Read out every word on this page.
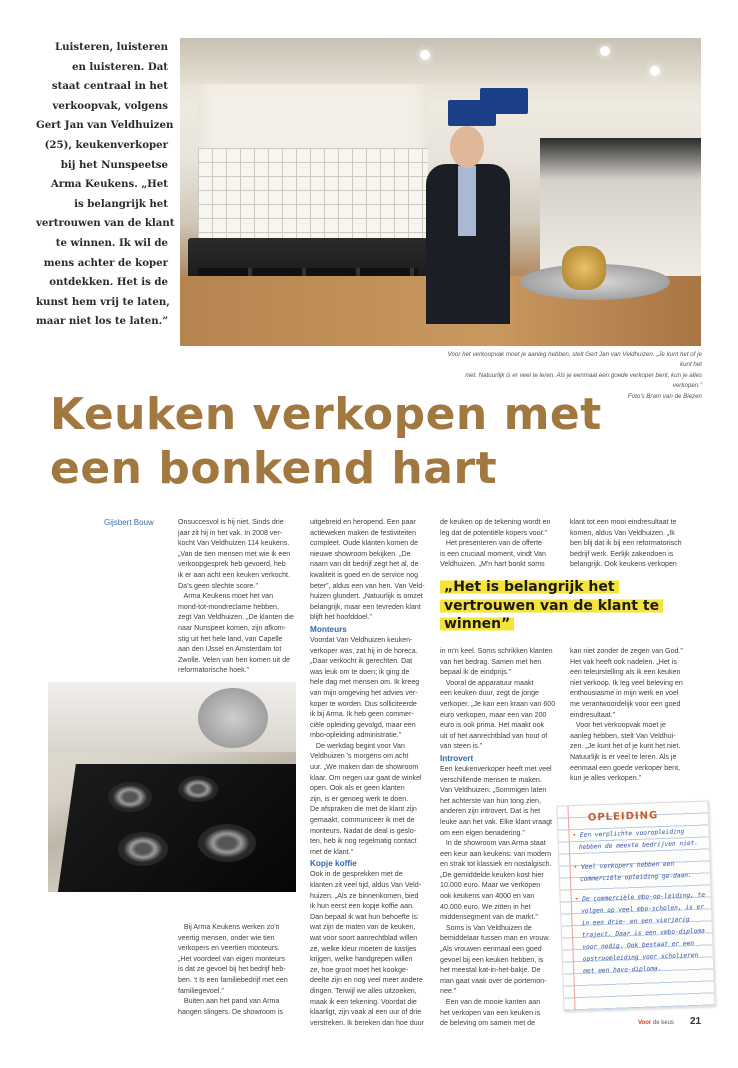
Luisteren, luisteren
en luisteren. Dat
staat centraal in het
verkoopvak, volgens
Gert Jan van Veldhuizen
(25), keukenverkoper
bij het Nunspeetse
Arma Keukens. „Het
is belangrijk het
vertrouwen van de klant
te winnen. Ik wil de
mens achter de koper
ontdekken. Het is de
kunst hem vrij te laten,
maar niet los te laten.”
Voor het verkoopvak moet je aanleg hebben, stelt Gert Jan van Veldhuizen. „Je kunt het of je kunt het
niet. Natuurlijk is er veel te leren. Als je eenmaal een goede verkoper bent, kun je alles verkopen.”
Foto's Bram van de Biezen
Keuken verkopen met
een bonkend hart
Gijsbert Bouw	Onsuccesvol is hij niet. Sinds drie
jaar zit hij in het vak. In 2008 ver-
kocht Van Veldhuizen 114 keukens.
„Van de tien mensen met wie ik een
verkoopgesprek heb gevoerd, heb
ik er aan acht een keuken verkocht.
Da's geen slechte score.”
Arma Keukens moet het van
mond-tot-mondreclame hebben,
zegt Van Veldhuizen. „De klanten die
naar Nunspeet komen, zijn afkom-
stig uit het hele land, van Capelle
aan den IJssel en Amsterdam tot
Zwolle. Velen van hen komen uit de
reformatorische hoek.”
Bij Arma Keukens werken zo'n
veertig mensen, onder wie tien
verkopers en veertien monteurs.
„Het voordeel van eigen monteurs
is dat ze gevoel bij het bedrijf heb-
ben. 't Is een familiebedrijf met een
familiegevoel.”
Buiten aan het pand van Arma
hangen slingers. De showroom is
uitgebreid en heropend. Een paar
actieweken maken de festiviteiten
compleet. Oude klanten komen de
nieuwe showroom bekijken. „De
naam van dit bedrijf zegt het al, de
kwaliteit is goed en de service nog
beter”, aldus een van hen. Van Veld-
huizen glundert. „Natuurlijk is omzet
belangrijk, maar een tevreden klant
blijft het hoofddoel.”
Monteurs
Voordat Van Veldhuizen keuken-
verkoper was, zat hij in de horeca.
„Daar verkocht ik gerechten. Dat
was leuk om te doen; ik ging de
hele dag met mensen om. Ik kreeg
van mijn omgeving het advies ver-
koper te worden. Dus solliciteerde
ik bij Arma. Ik heb geen commer-
ciële opleiding gevolgd, maar een
mbo-opleiding administratie.”
De werkdag begint voor Van
Veldhuizen 's morgens om acht
uur. „We maken dan de showroom
klaar. Om negen uur gaat de winkel
open. Ook als er geen klanten
zijn, is er genoeg werk te doen.
De afspraken die met de klant zijn
gemaakt, communiceer ik met de
monteurs. Nadat de deal is geslo-
ten, heb ik nog regelmatig contact
met de klant.”
Kopje koffie
Ook in de gesprekken met de
klanten zit veel tijd, aldus Van Veld-
huizen. „Als ze binnenkomen, bied
ik hun eerst een kopje koffie aan.
Dan bepaal ik wat hun behoefte is:
wat zijn de maten van de keuken,
wat voor soort aanrechtblad willen
ze, welke kleur moeten de kastjes
krijgen, welke handgrepen willen
ze, hoe groot moet het kookge-
deelte zijn en nog veel meer andere
dingen. Terwijl we alles uitzoeken,
maak ik een tekening. Voordat die
klaarligt, zijn vaak al een uur of drie
verstreken. Ik bereken dan hoe duur
de keuken op de tekening wordt en
leg dat de potentiële kopers voor.”
Het presenteren van de offerte
is een cruciaal moment, vindt Van
Veldhuizen. „M'n hart bonkt soms
„Het is belangrijk het
vertrouwen van de klant te
winnen”
in m'n keel. Soms schrikken klanten
van het bedrag. Samen met hen
bepaal ik de eindprijs.”
Vooral de apparatuur maakt
een keuken duur, zegt de jonge
verkoper. „Je kan een kraan van 600
euro verkopen, maar een van 200
euro is ook prima. Het maakt ook
uit of het aanrechtblad van hout of
van steen is.”
Introvert
Een keukenverkoper heeft met veel
verschillende mensen te maken.
Van Veldhuizen: „Sommigen laten
het achterste van hun tong zien,
anderen zijn introvert. Dat is het
leuke aan het vak. Elke klant vraagt
om een eigen benadering.”
In de showroom van Arma staat
een keur aan keukens: van modern
en strak tot klassiek en nostalgisch.
„De gemiddelde keuken kost hier
10.000 euro. Maar we verkopen
ook keukens van 4000 en van
40.000 euro. We zitten in het
middensegment van de markt.”
Soms is Van Veldhuizen de
bemiddelaar tussen man en vrouw.
„Als vrouwen eenmaal een goed
gevoel bij een keuken hebben, is
het meestal kat-in-het-bakje. De
man gaat vaak over de portemon-
nee.”
Een van de mooie kanten aan
het verkopen van een keuken is
de beleving om samen met de
klant tot een mooi eindresultaat te
komen, aldus Van Veldhuizen. „Ik
ben blij dat ik bij een reformatorisch
bedrijf werk. Eerlijk zakendoen is
belangrijk. Ook keukens verkopen
kan niet zonder de zegen van God.”
Het vak heeft ook nadelen. „Het is
een teleurstelling als ik een keuken
niet verkoop. Ik leg veel beleving en
enthousiasme in mijn werk en voel
me verantwoordelijk voor een goed
eindresultaat.”
Voor het verkoopvak moet je
aanleg hebben, stelt Van Veldhui-
zen. „Je kunt het of je kunt het niet.
Natuurlijk is er veel te leren. Als je
eenmaal een goede verkoper bent,
kun je alles verkopen.”
OPLEIDING
• Een verplichte vooropleiding hebben de meeste bedrijven niet.
• Veel verkopers hebben een commerciële opleiding ge-daan.
• De commerciële mbo-op-leiding, te volgen op veel mbo-scholen, is er in een drie- en een vierjarig traject. Daar is een vmbo-diploma voor nodig. Ook bestaat er een opstroomleiding voor scholieren met een havo-diploma.
Voor de keus 21
